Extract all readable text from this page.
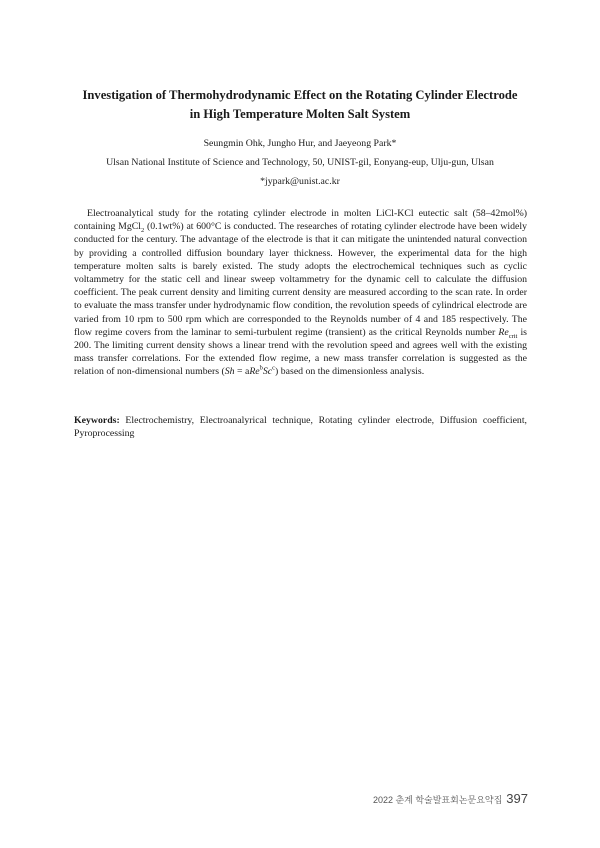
Investigation of Thermohydrodynamic Effect on the Rotating Cylinder Electrode
in High Temperature Molten Salt System
Seungmin Ohk, Jungho Hur, and Jaeyeong Park*
Ulsan National Institute of Science and Technology, 50, UNIST-gil, Eonyang-eup, Ulju-gun, Ulsan
*jypark@unist.ac.kr

Electroanalytical study for the rotating cylinder electrode in molten LiCl-KCl eutectic salt (58–42mol%) containing MgCl$_2$ (0.1wt%) at 600°C is conducted. The researches of rotating cylinder electrode have been widely conducted for the century. The advantage of the electrode is that it can mitigate the unintended natural convection by providing a controlled diffusion boundary layer thickness. However, the experimental data for the high temperature molten salts is barely existed. The study adopts the electrochemical techniques such as cyclic voltammetry for the static cell and linear sweep voltammetry for the dynamic cell to calculate the diffusion coefficient. The peak current density and limiting current density are measured according to the scan rate. In order to evaluate the mass transfer under hydrodynamic flow condition, the revolution speeds of cylindrical electrode are varied from 10 rpm to 500 rpm which are corresponded to the Reynolds number of 4 and 185 respectively. The flow regime covers from the laminar to semi-turbulent regime (transient) as the critical Reynolds number $Re_{crit}$ is 200. The limiting current density shows a linear trend with the revolution speed and agrees well with the existing mass transfer correlations. For the extended flow regime, a new mass transfer correlation is suggested as the relation of non-dimensional numbers $(Sh = aRe^bSc^c)$ based on the dimensionless analysis.

Keywords: Electrochemistry, Electroanalyrical technique, Rotating cylinder electrode, Diffusion coefficient, Pyroprocessing

2022 춘계 학술발표회논문요약집 397
